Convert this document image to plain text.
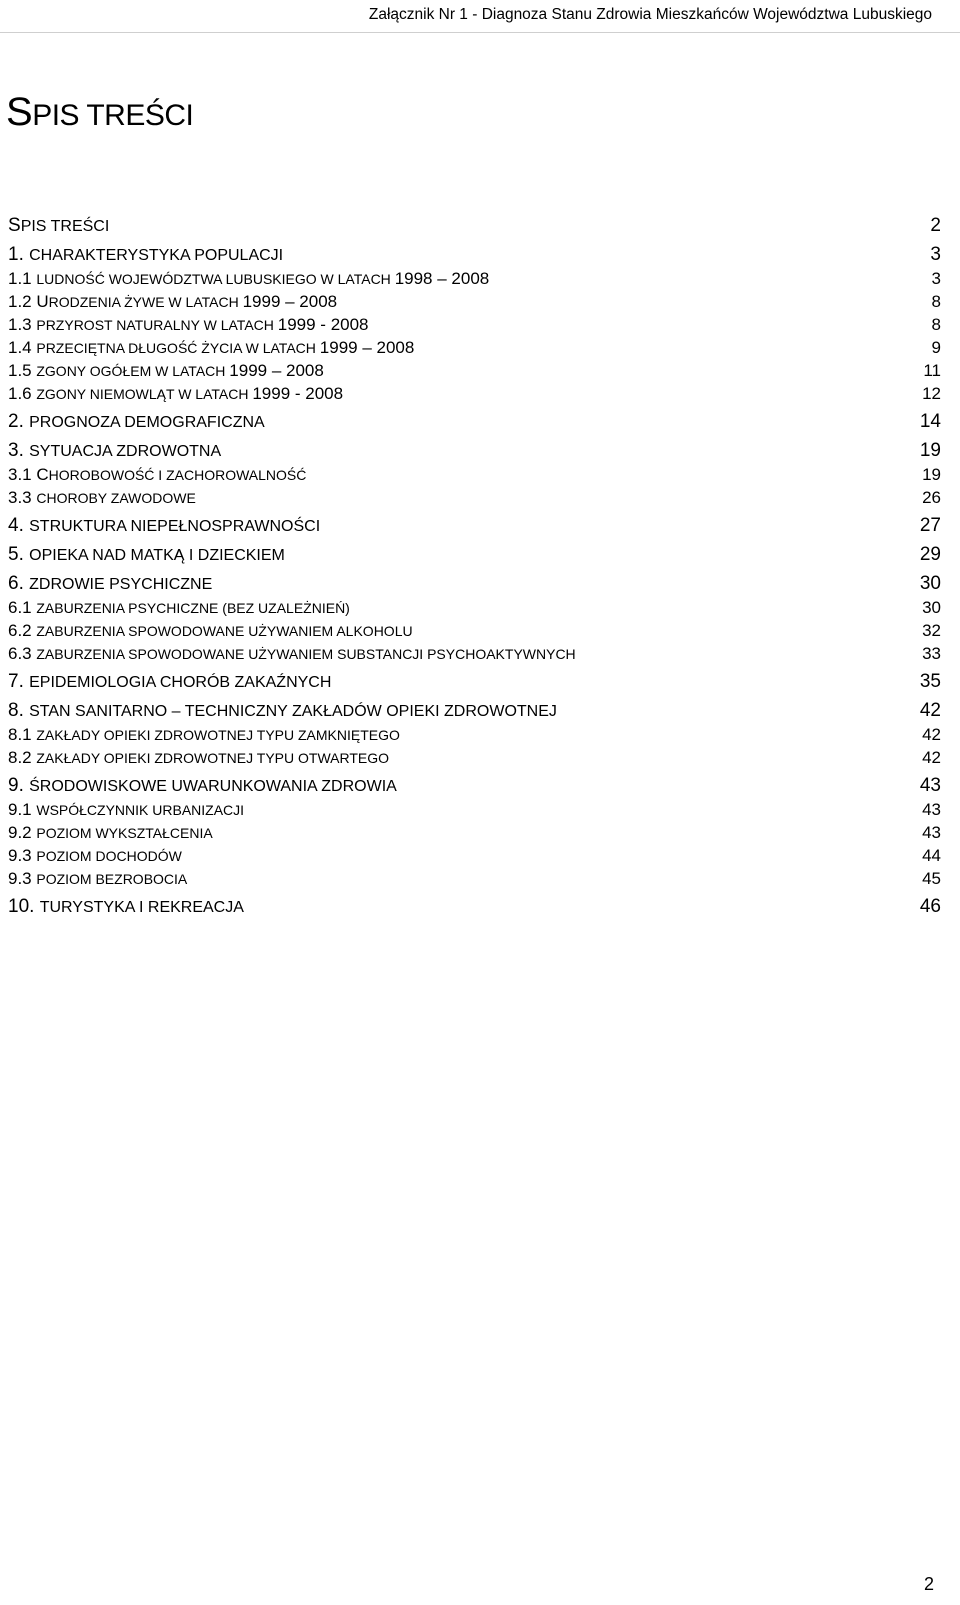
Załącznik Nr 1 - Diagnoza Stanu Zdrowia Mieszkańców Województwa Lubuskiego
SPIS TREŚCI
SPIS TREŚCI	2
1. CHARAKTERYSTYKA POPULACJI	3
1.1 LUDNOŚĆ WOJEWÓDZTWA LUBUSKIEGO W LATACH 1998 – 2008	3
1.2 URODZENIA ŻYWE W LATACH 1999 – 2008	8
1.3 PRZYROST NATURALNY W LATACH 1999 - 2008	8
1.4 PRZECIĘTNA DŁUGOŚĆ ŻYCIA W LATACH 1999 – 2008	9
1.5 ZGONY OGÓŁEM W LATACH 1999 – 2008	11
1.6 ZGONY NIEMOWLĄT W LATACH 1999 - 2008	12
2. PROGNOZA DEMOGRAFICZNA	14
3. SYTUACJA ZDROWOTNA	19
3.1 CHOROBOWOŚĆ I ZACHOROWALNOŚĆ	19
3.3 CHOROBY ZAWODOWE	26
4. STRUKTURA NIEPEŁNOSPRAWNOŚCI	27
5. OPIEKA NAD MATKĄ I DZIECKIEM	29
6. ZDROWIE PSYCHICZNE	30
6.1 ZABURZENIA PSYCHICZNE (BEZ UZALEŻNIEŃ)	30
6.2 ZABURZENIA SPOWODOWANE UŻYWANIEM ALKOHOLU	32
6.3 ZABURZENIA SPOWODOWANE UŻYWANIEM SUBSTANCJI PSYCHOAKTYWNYCH	33
7. EPIDEMIOLOGIA CHORÓB ZAKAŹNYCH	35
8. STAN SANITARNO – TECHNICZNY ZAKŁADÓW OPIEKI ZDROWOTNEJ	42
8.1 ZAKŁADY OPIEKI ZDROWOTNEJ TYPU ZAMKNIĘTEGO	42
8.2 ZAKŁADY OPIEKI ZDROWOTNEJ TYPU OTWARTEGO	42
9. ŚRODOWISKOWE UWARUNKOWANIA ZDROWIA	43
9.1 WSPÓŁCZYNNIK URBANIZACJI	43
9.2 POZIOM WYKSZTAŁCENIA	43
9.3 POZIOM DOCHODÓW	44
9.3 POZIOM BEZROBOCIA	45
10. TURYSTYKA I REKREACJA	46
2
